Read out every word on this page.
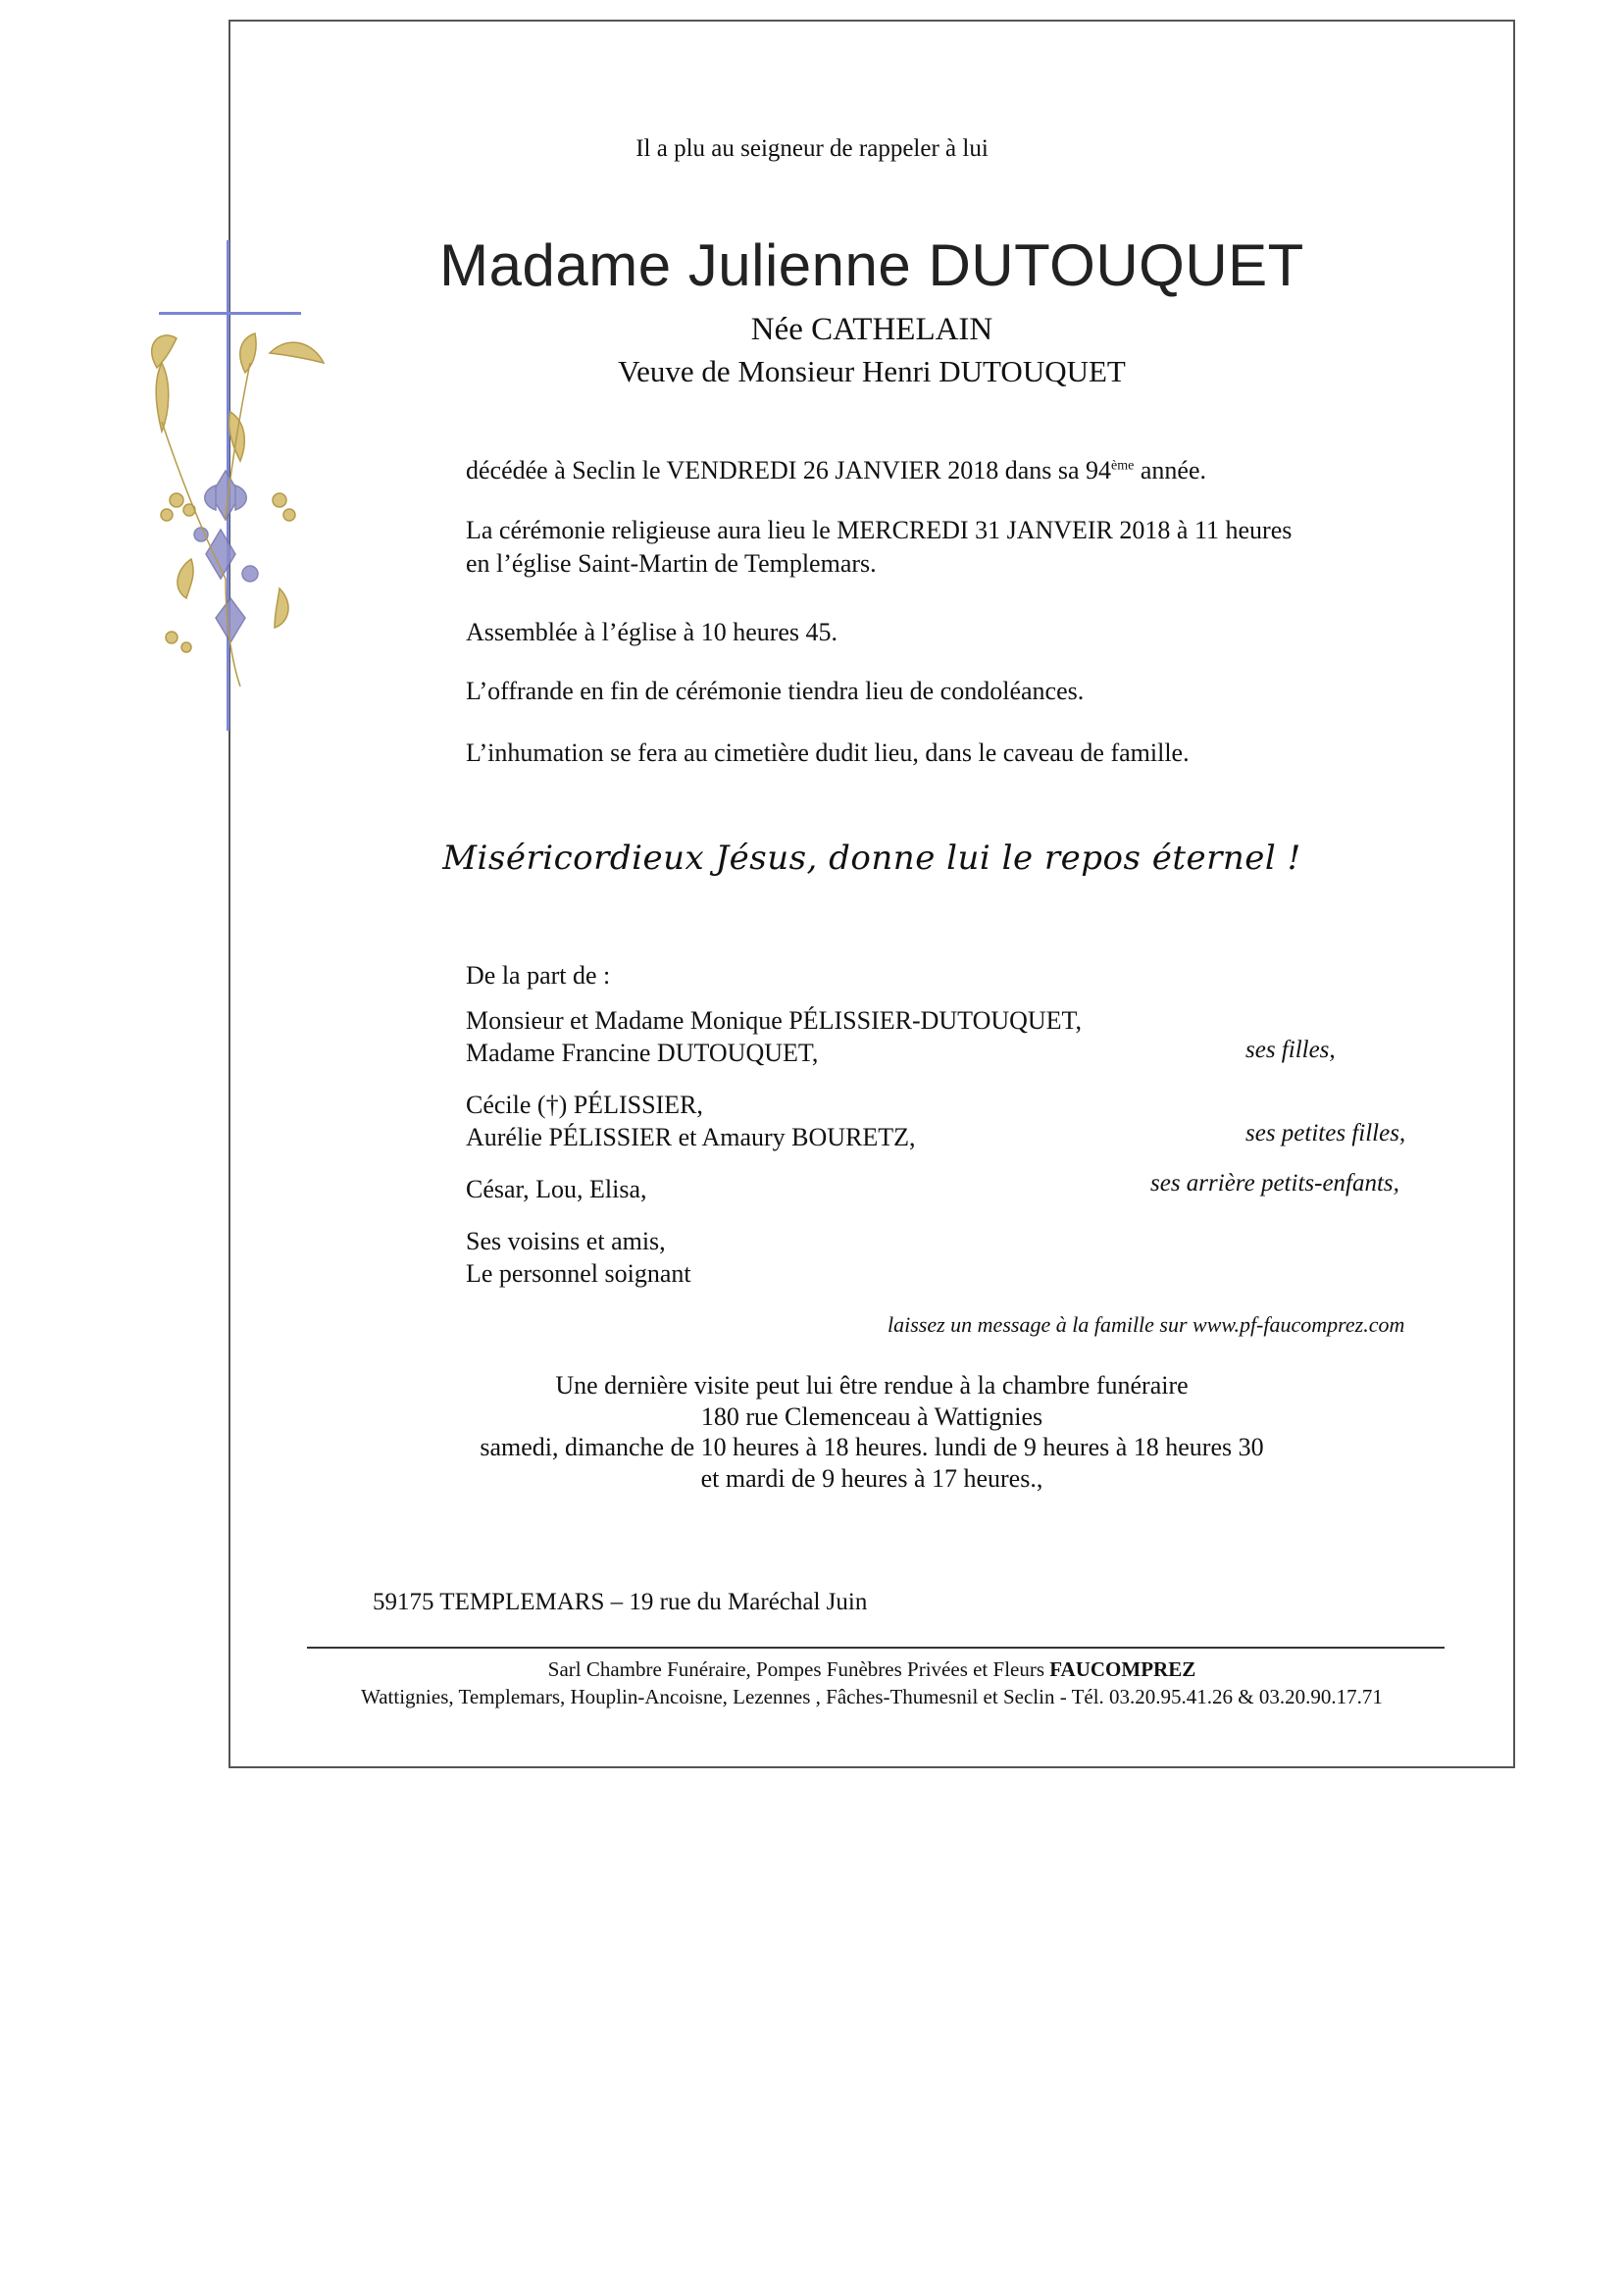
Il a plu au seigneur de rappeler à lui
Madame Julienne DUTOUQUET
Née CATHELAIN
Veuve de Monsieur Henri DUTOUQUET
décédée à Seclin le VENDREDI 26 JANVIER 2018 dans sa 94ème année.
La cérémonie religieuse aura lieu le MERCREDI 31 JANVEIR 2018 à 11 heures
en l’église Saint-Martin de Templemars.
Assemblée à l’église à 10 heures 45.
L’offrande en fin de cérémonie tiendra lieu de condoléances.
L’inhumation se fera au cimetière dudit lieu, dans le caveau de famille.
Miséricordieux Jésus, donne lui le repos éternel !
De la part de :
Monsieur et Madame Monique PÉLISSIER-DUTOUQUET,
Madame Francine DUTOUQUET,	ses filles,
Cécile (†) PÉLISSIER,
Aurélie PÉLISSIER et Amaury BOURETZ,	ses petites filles,
César, Lou, Elisa,	ses arrière petits-enfants,
Ses voisins et amis,
Le personnel soignant
laissez un message à la famille sur www.pf-faucomprez.com
Une dernière visite peut lui être rendue à la chambre funéraire
180 rue Clemenceau à Wattignies
samedi, dimanche de 10 heures à 18 heures. lundi de 9 heures à 18 heures 30
et mardi de 9 heures à 17 heures.,
59175 TEMPLEMARS – 19 rue du Maréchal Juin
Sarl Chambre Funéraire, Pompes Funèbres Privées et Fleurs FAUCOMPREZ
Wattignies, Templemars, Houplin-Ancoisne, Lezennes , Fâches-Thumesnil et Seclin - Tél. 03.20.95.41.26 & 03.20.90.17.71
